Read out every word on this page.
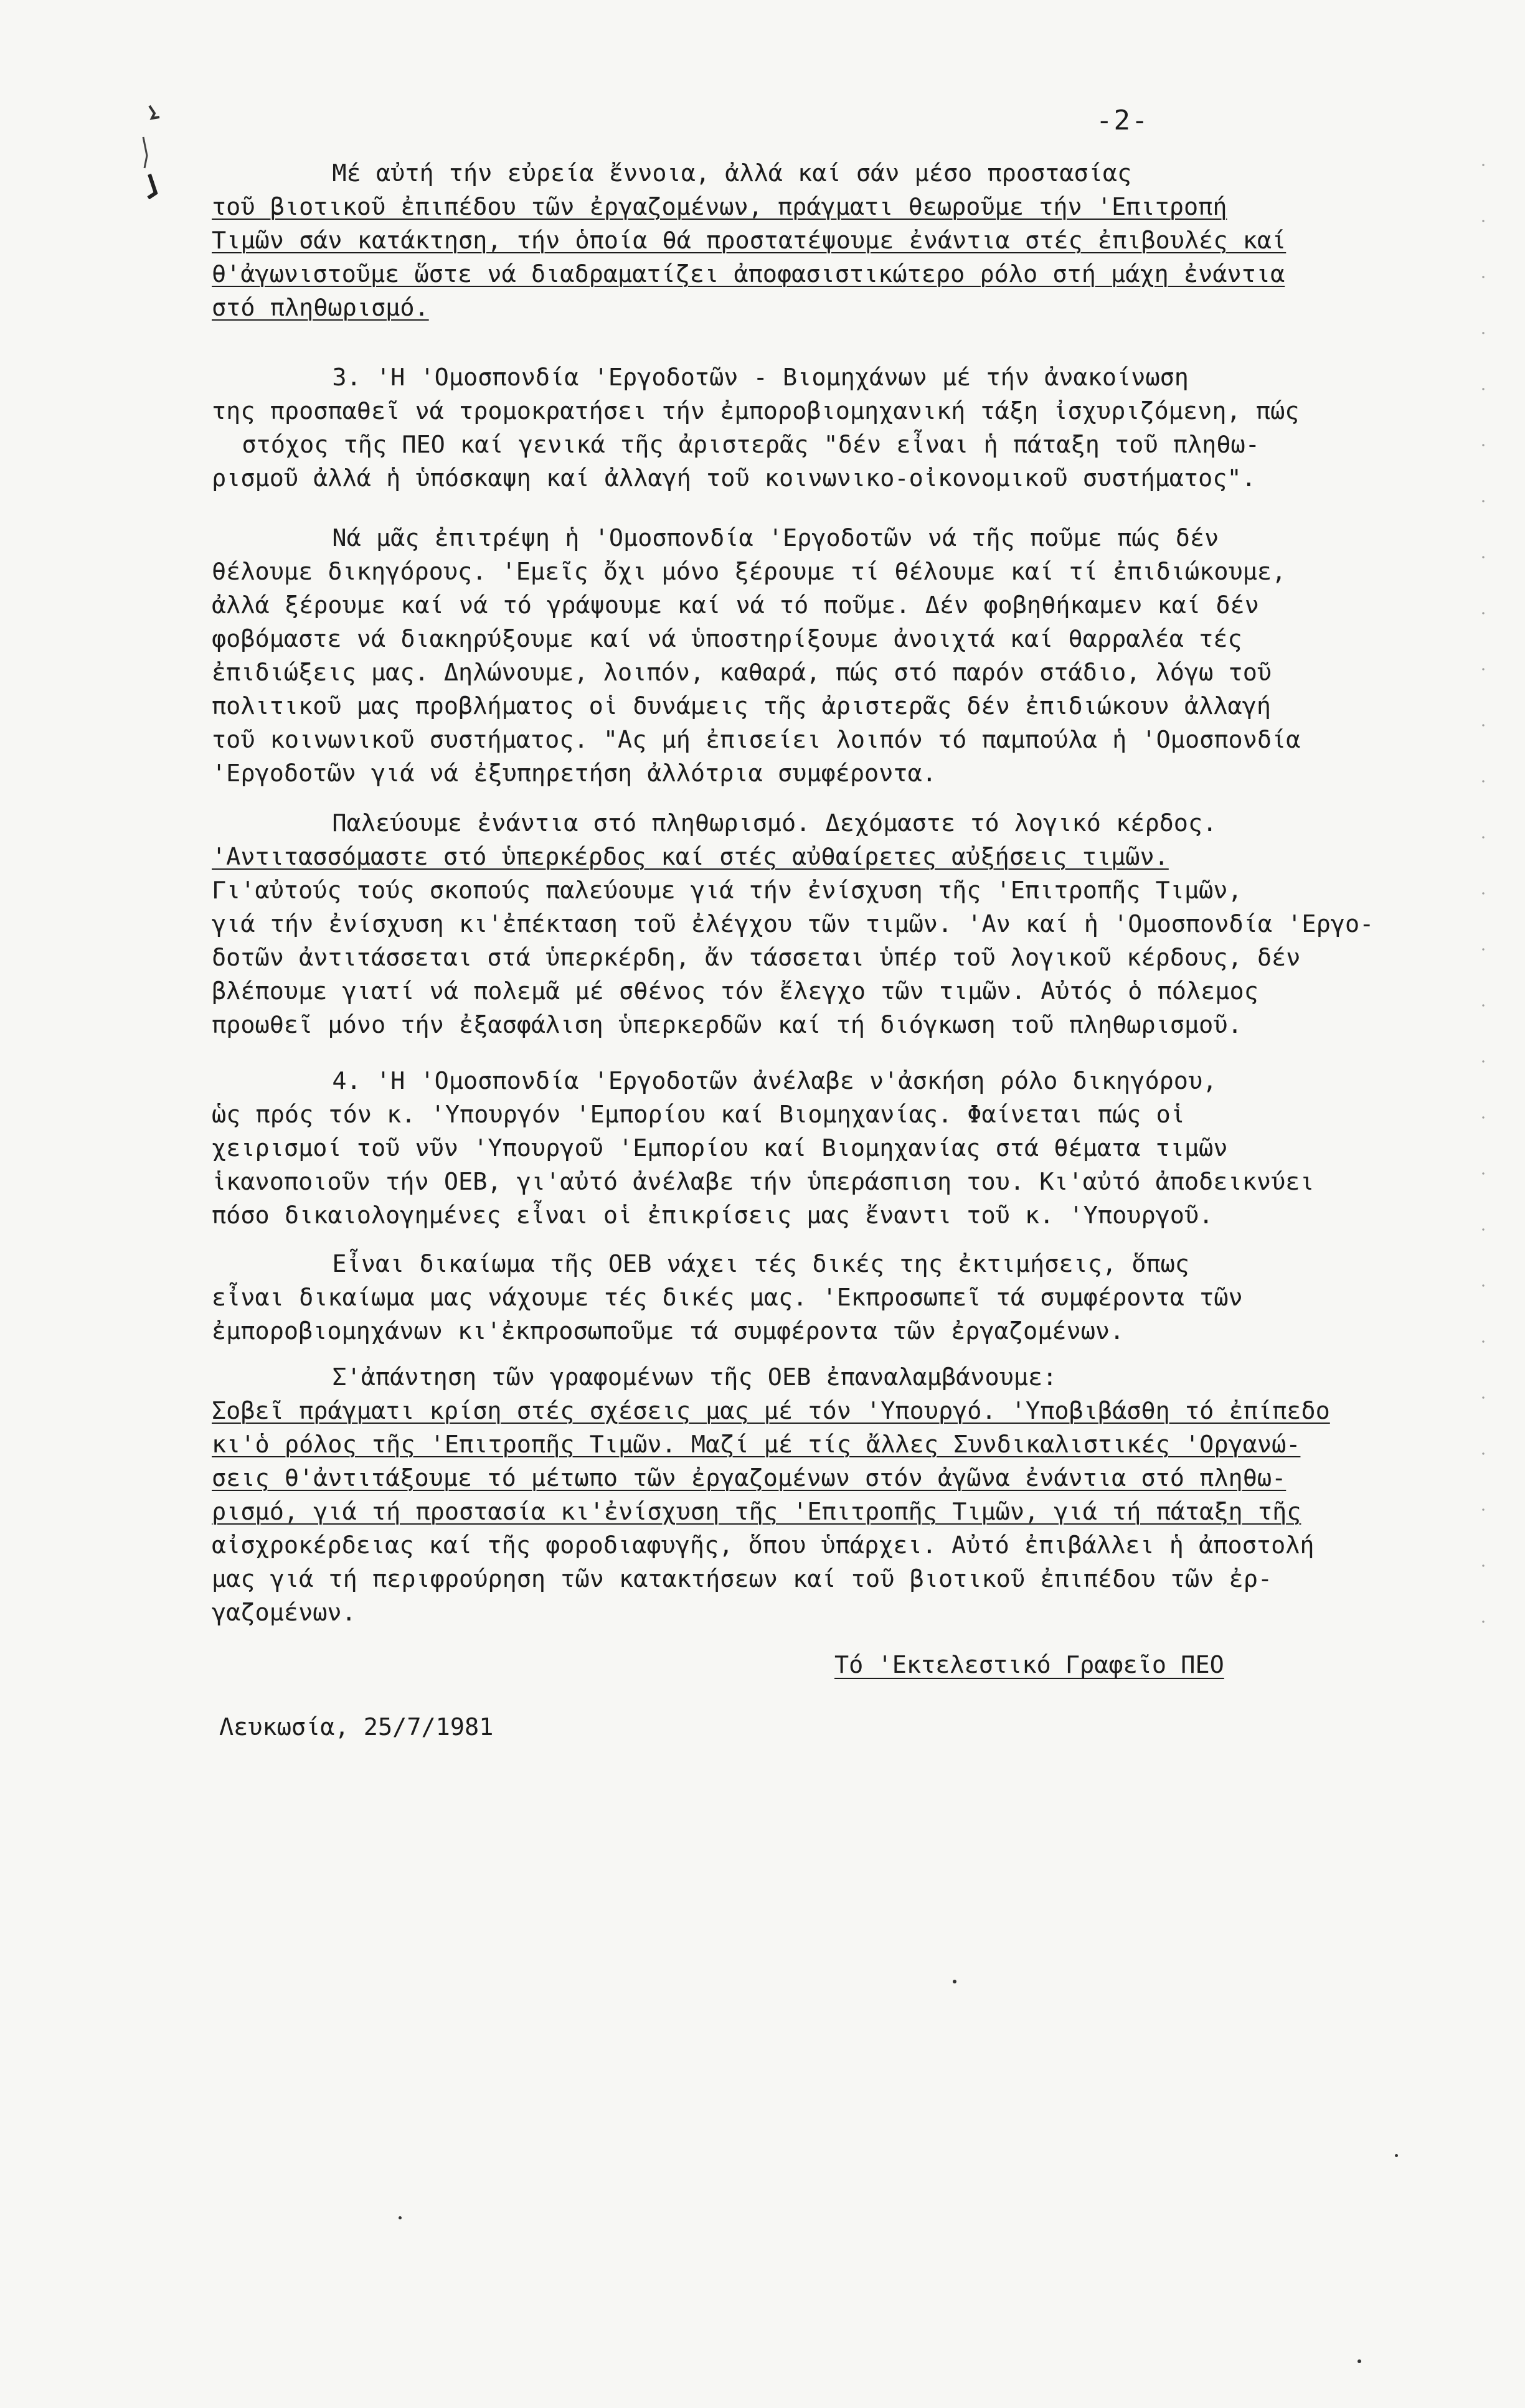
-2-
Μέ αὐτή τήν εὐρεία ἔννοια, ἀλλά καί σάν μέσο προστασίας
τοῦ βιοτικοῦ ἐπιπέδου τῶν ἐργαζομένων, πράγματι θεωροῦμε τήν 'Επιτροπή
Τιμῶν σάν κατάκτηση, τήν ὁποία θά προστατέψουμε ἐνάντια στές ἐπιβουλές καί
θ'ἀγωνιστοῦμε ὥστε νά διαδραματίζει ἀποφασιστικώτερο ρόλο στή μάχη ἐνάντια
στό πληθωρισμό.
3. 'Η 'Ομοσπονδία 'Εργοδοτῶν - Βιομηχάνων μέ τήν ἀνακοίνωση
της προσπαθεῖ νά τρομοκρατήσει τήν ἐμποροβιομηχανική τάξη ἰσχυριζόμενη, πώς
στόχος τῆς ΠΕΟ καί γενικά τῆς ἀριστερᾶς "δέν εἶναι ἡ πάταξη τοῦ πληθω-
ρισμοῦ ἀλλά ἡ ὑπόσκαψη καί ἀλλαγή τοῦ κοινωνικο-οἰκονομικοῦ συστήματος".
Νά μᾶς ἐπιτρέψη ἡ 'Ομοσπονδία 'Εργοδοτῶν νά τῆς ποῦμε πώς δέν
θέλουμε δικηγόρους. 'Εμεῖς ὄχι μόνο ξέρουμε τί θέλουμε καί τί ἐπιδιώκουμε,
ἀλλά ξέρουμε καί νά τό γράψουμε καί νά τό ποῦμε. Δέν φοβηθήκαμεν καί δέν
φοβόμαστε νά διακηρύξουμε καί νά ὑποστηρίξουμε ἀνοιχτά καί θαρραλέα τές
ἐπιδιώξεις μας. Δηλώνουμε, λοιπόν, καθαρά, πώς στό παρόν στάδιο, λόγω τοῦ
πολιτικοῦ μας προβλήματος οἱ δυνάμεις τῆς ἀριστερᾶς δέν ἐπιδιώκουν ἀλλαγή
τοῦ κοινωνικοῦ συστήματος. "Ας μή ἐπισείει λοιπόν τό παμπούλα ἡ 'Ομοσπονδία
'Εργοδοτῶν γιά νά ἐξυπηρετήση ἀλλότρια συμφέροντα.
Παλεύουμε ἐνάντια στό πληθωρισμό. Δεχόμαστε τό λογικό κέρδος.
'Αντιτασσόμαστε στό ὑπερκέρδος καί στές αὐθαίρετες αὐξήσεις τιμῶν.
Γι'αὐτούς τούς σκοπούς παλεύουμε γιά τήν ἐνίσχυση τῆς 'Επιτροπῆς Τιμῶν,
γιά τήν ἐνίσχυση κι'ἐπέκταση τοῦ ἐλέγχου τῶν τιμῶν. 'Αν καί ἡ 'Ομοσπονδία 'Εργο-
δοτῶν ἀντιτάσσεται στά ὑπερκέρδη, ἄν τάσσεται ὑπέρ τοῦ λογικοῦ κέρδους, δέν
βλέπουμε γιατί νά πολεμᾶ μέ σθένος τόν ἔλεγχο τῶν τιμῶν. Αὐτός ὁ πόλεμος
προωθεῖ μόνο τήν ἐξασφάλιση ὑπερκερδῶν καί τή διόγκωση τοῦ πληθωρισμοῦ.
4. 'Η 'Ομοσπονδία 'Εργοδοτῶν ἀνέλαβε ν'ἀσκήση ρόλο δικηγόρου,
ὡς πρός τόν κ. 'Υπουργόν 'Εμπορίου καί Βιομηχανίας. Φαίνεται πώς οἱ
χειρισμοί τοῦ νῦν 'Υπουργοῦ 'Εμπορίου καί Βιομηχανίας στά θέματα τιμῶν
ἱκανοποιοῦν τήν ΟΕΒ, γι'αὐτό ἀνέλαβε τήν ὑπεράσπιση του. Κι'αὐτό ἀποδεικνύει
πόσο δικαιολογημένες εἶναι οἱ ἐπικρίσεις μας ἔναντι τοῦ κ. 'Υπουργοῦ.
Εἶναι δικαίωμα τῆς ΟΕΒ νάχει τές δικές της ἐκτιμήσεις, ὅπως
εἶναι δικαίωμα μας νάχουμε τές δικές μας. 'Εκπροσωπεῖ τά συμφέροντα τῶν
ἐμποροβιομηχάνων κι'ἐκπροσωποῦμε τά συμφέροντα τῶν ἐργαζομένων.
Σ'ἀπάντηση τῶν γραφομένων τῆς ΟΕΒ ἐπαναλαμβάνουμε:
Σοβεῖ πράγματι κρίση στές σχέσεις μας μέ τόν 'Υπουργό. 'Υποβιβάσθη τό ἐπίπεδο
κι'ὁ ρόλος τῆς 'Επιτροπῆς Τιμῶν. Μαζί μέ τίς ἄλλες Συνδικαλιστικές 'Οργανώ-
σεις θ'ἀντιτάξουμε τό μέτωπο τῶν ἐργαζομένων στόν ἀγῶνα ἐνάντια στό πληθω-
ρισμό, γιά τή προστασία κι'ἐνίσχυση τῆς 'Επιτροπῆς Τιμῶν, γιά τή πάταξη τῆς
αἰσχροκέρδειας καί τῆς φοροδιαφυγῆς, ὅπου ὑπάρχει. Αὐτό ἐπιβάλλει ἡ ἀποστολή
μας γιά τή περιφρούρηση τῶν κατακτήσεων καί τοῦ βιοτικοῦ ἐπιπέδου τῶν ἐρ-
γαζομένων.
Τό 'Εκτελεστικό Γραφεῖο ΠΕΟ
Λευκωσία, 25/7/1981
